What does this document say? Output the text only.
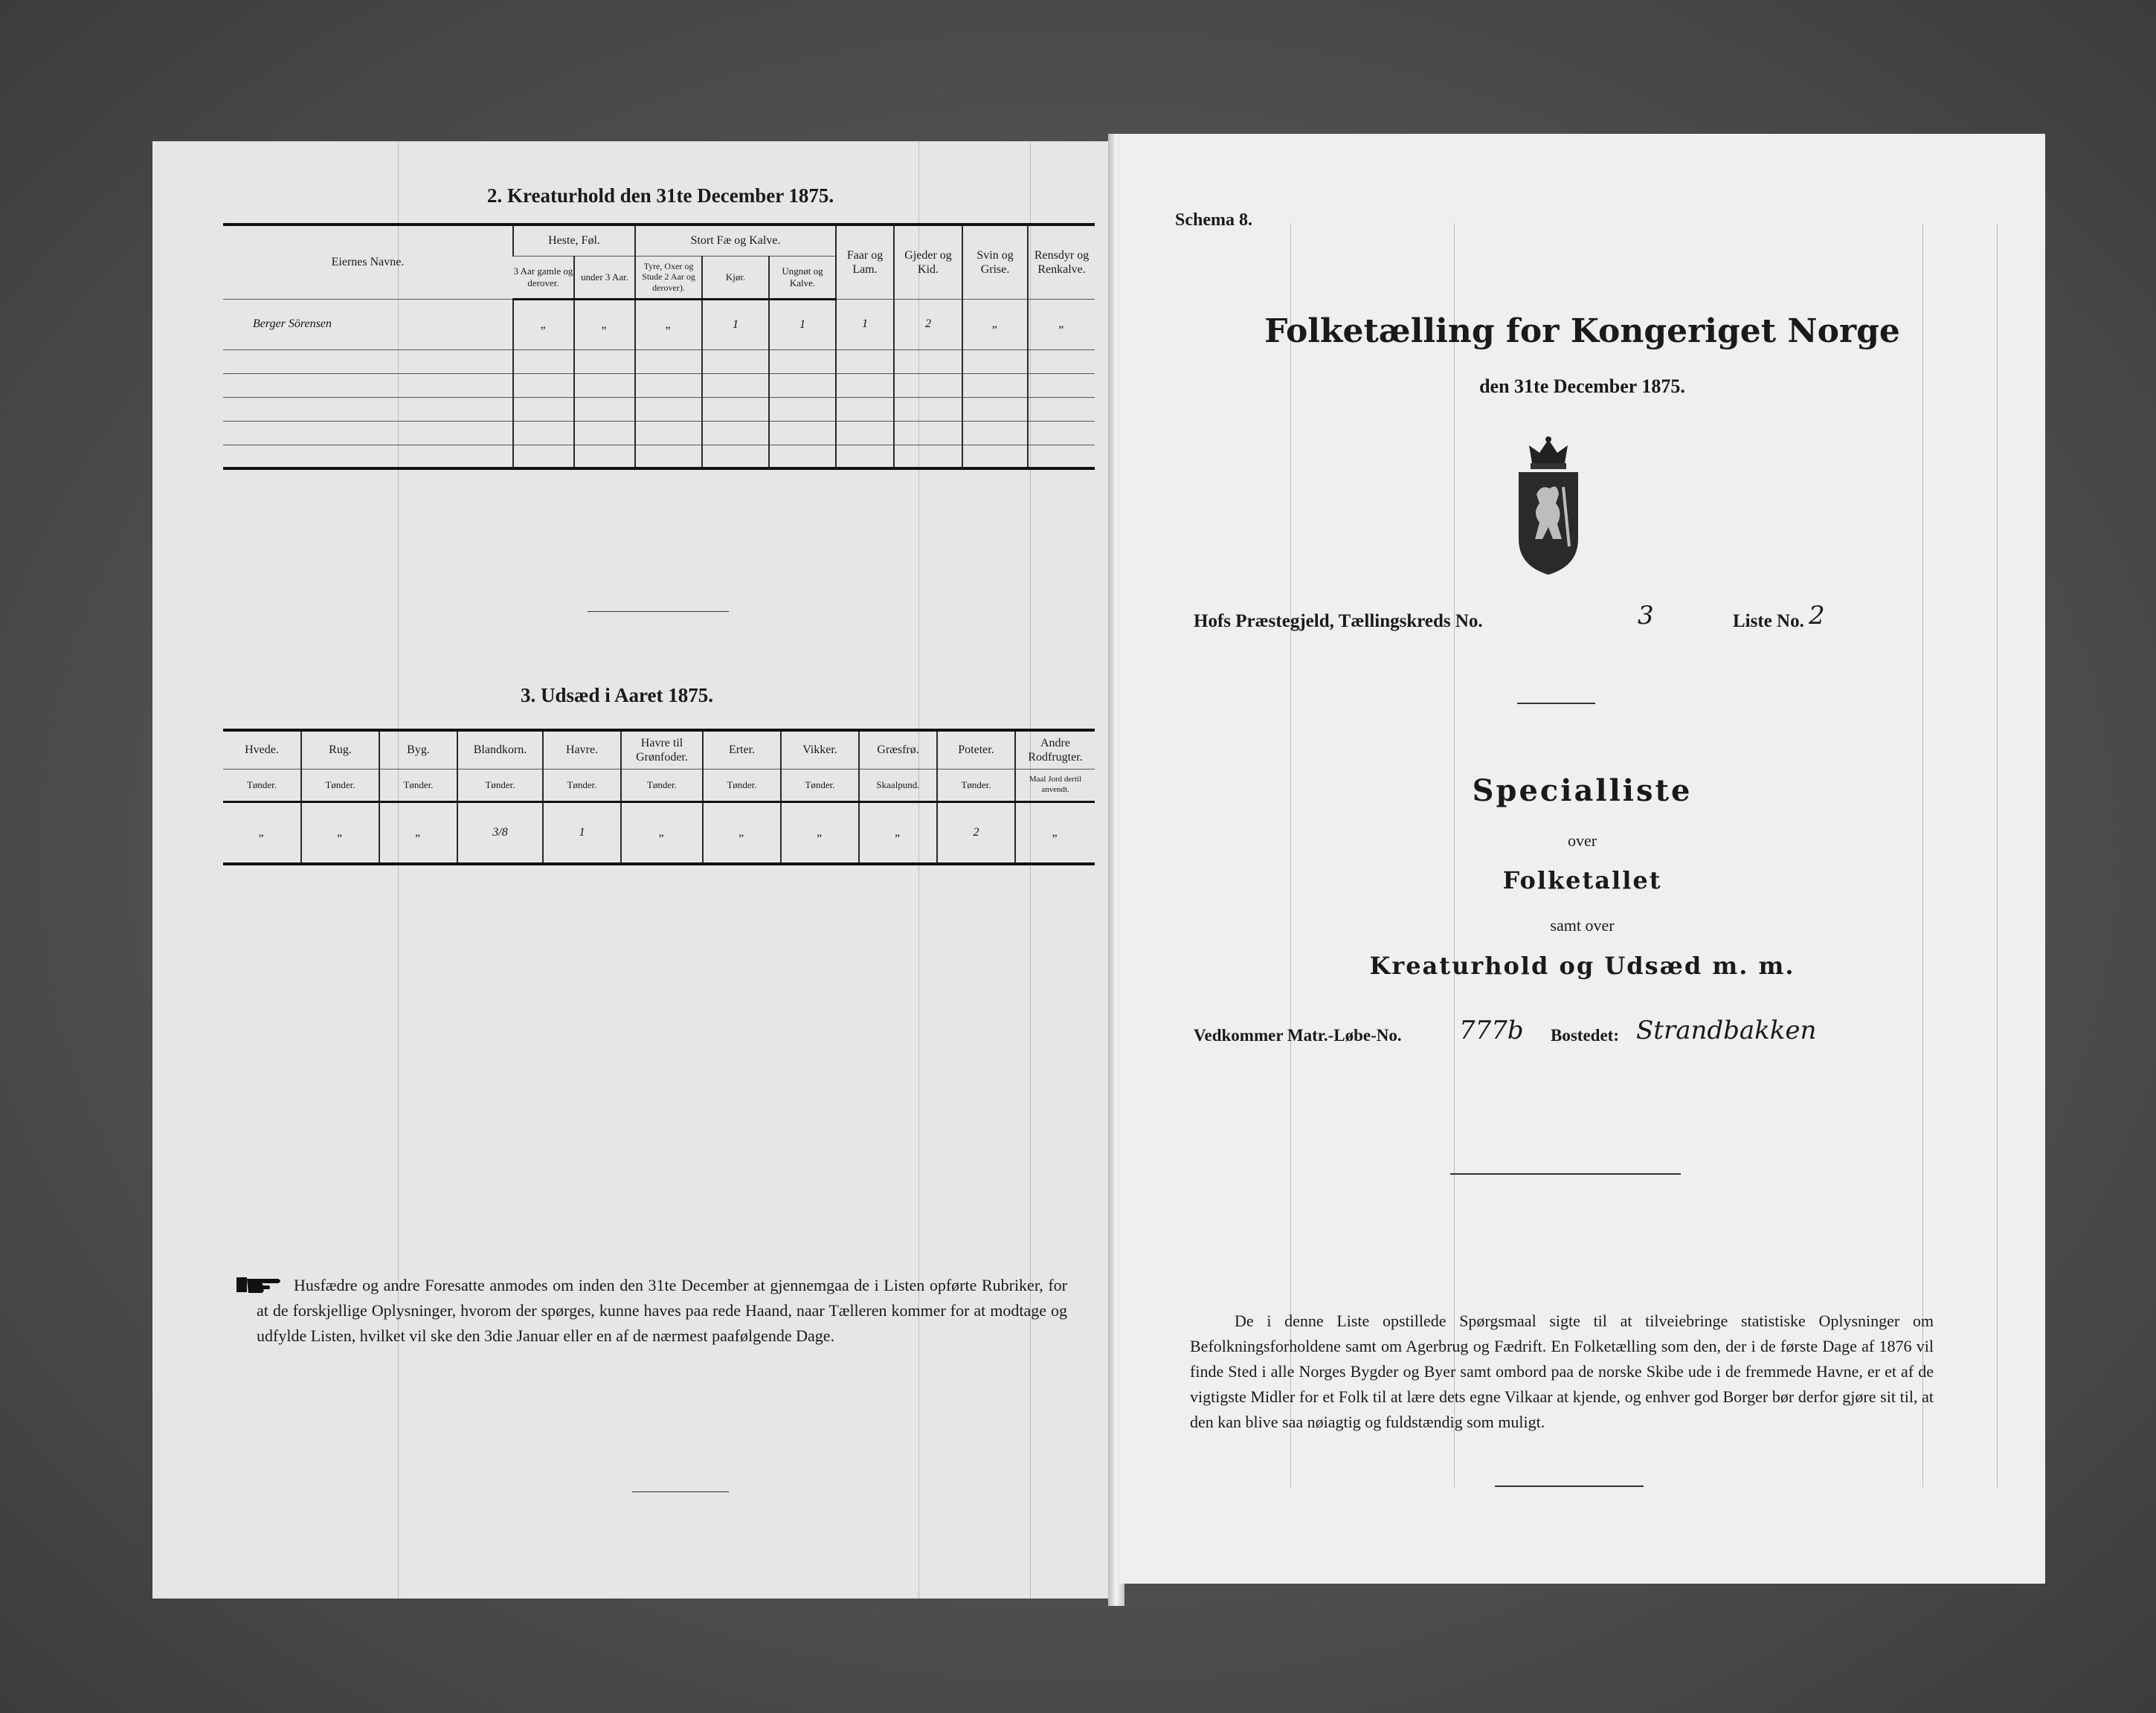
2. Kreaturhold den 31te December 1875.
Eiernes Navne.	Heste, Føl.		Stort Fæ og Kalve.			Faar og Lam.	Gjeder og Kid.	Svin og Grise.	Rensdyr og Renkalve.
	3 Aar gamle og derover.	under 3 Aar.	Tyre, Oxer og Stude 2 Aar og derover).	Kjør.	Ungnøt og Kalve.				
Berger Sörensen	„	„	„	1	1	1	2	„	„

3. Udsæd i Aaret 1875.
Hvede.	Rug.	Byg.	Blandkorn.	Havre.	Havre til Grønfoder.	Erter.	Vikker.	Græsfrø.	Poteter.	Andre Rodfrugter.
Tønder.	Tønder.	Tønder.	Tønder.	Tønder.	Tønder.	Tønder.	Tønder.	Skaalpund.	Tønder.	Maal Jord dertil anvendt.
„	„	„	3/8	1	„	„	„	„	2	„
Husfædre og andre Foresatte anmodes om inden den 31te December at gjennemgaa de i Listen opførte Rubriker, for at de forskjellige Oplysninger, hvorom der spørges, kunne haves paa rede Haand, naar Tælleren kommer for at modtage og udfylde Listen, hvilket vil ske den 3die Januar eller en af de nærmest paafølgende Dage.
Schema 8.
Folketælling for Kongeriget Norge
den 31te December 1875.
Hofs Præstegjeld, Tællingskreds No.	3	Liste No. 2
Specialliste
over
Folketallet
samt over
Kreaturhold og Udsæd m. m.
Vedkommer Matr.-Løbe-No. 777b Bostedet: Strandbakken
De i denne Liste opstillede Spørgsmaal sigte til at tilveiebringe statistiske Oplysninger om Befolkningsforholdene samt om Agerbrug og Fædrift. En Folketælling som den, der i de første Dage af 1876 vil finde Sted i alle Norges Bygder og Byer samt ombord paa de norske Skibe ude i de fremmede Havne, er et af de vigtigste Midler for et Folk til at lære dets egne Vilkaar at kjende, og enhver god Borger bør derfor gjøre sit til, at den kan blive saa nøiagtig og fuldstændig som muligt.
